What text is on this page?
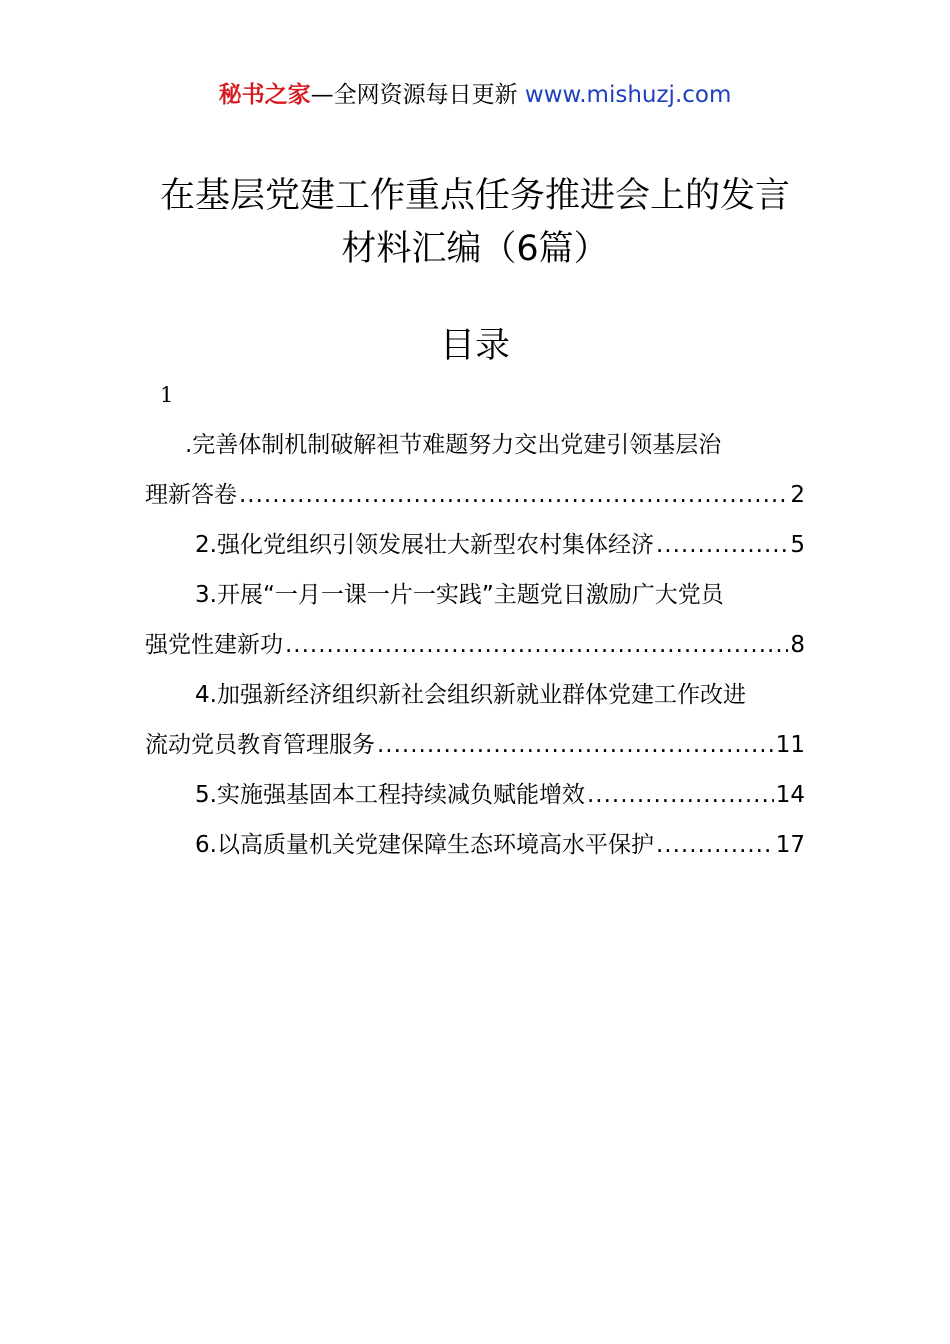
秘书之家—全网资源每日更新 www.mishuzj.com
在基层党建工作重点任务推进会上的发言
材料汇编（6篇）
目录
1
.完善体制机制破解袒节难题努力交出党建引领基层治
理新答卷 .....	2
2.强化党组织引领发展壮大新型农村集体经济 .....	5
3.开展“一月一课一片一实践”主题党日激励广大党员
强党性建新功 .....	8
4.加强新经济组织新社会组织新就业群体党建工作改进
流动党员教育管理服务 .....	11
5.实施强基固本工程持续减负赋能增效 .....	14
6.以高质量机关党建保障生态环境高水平保护 .....	17
